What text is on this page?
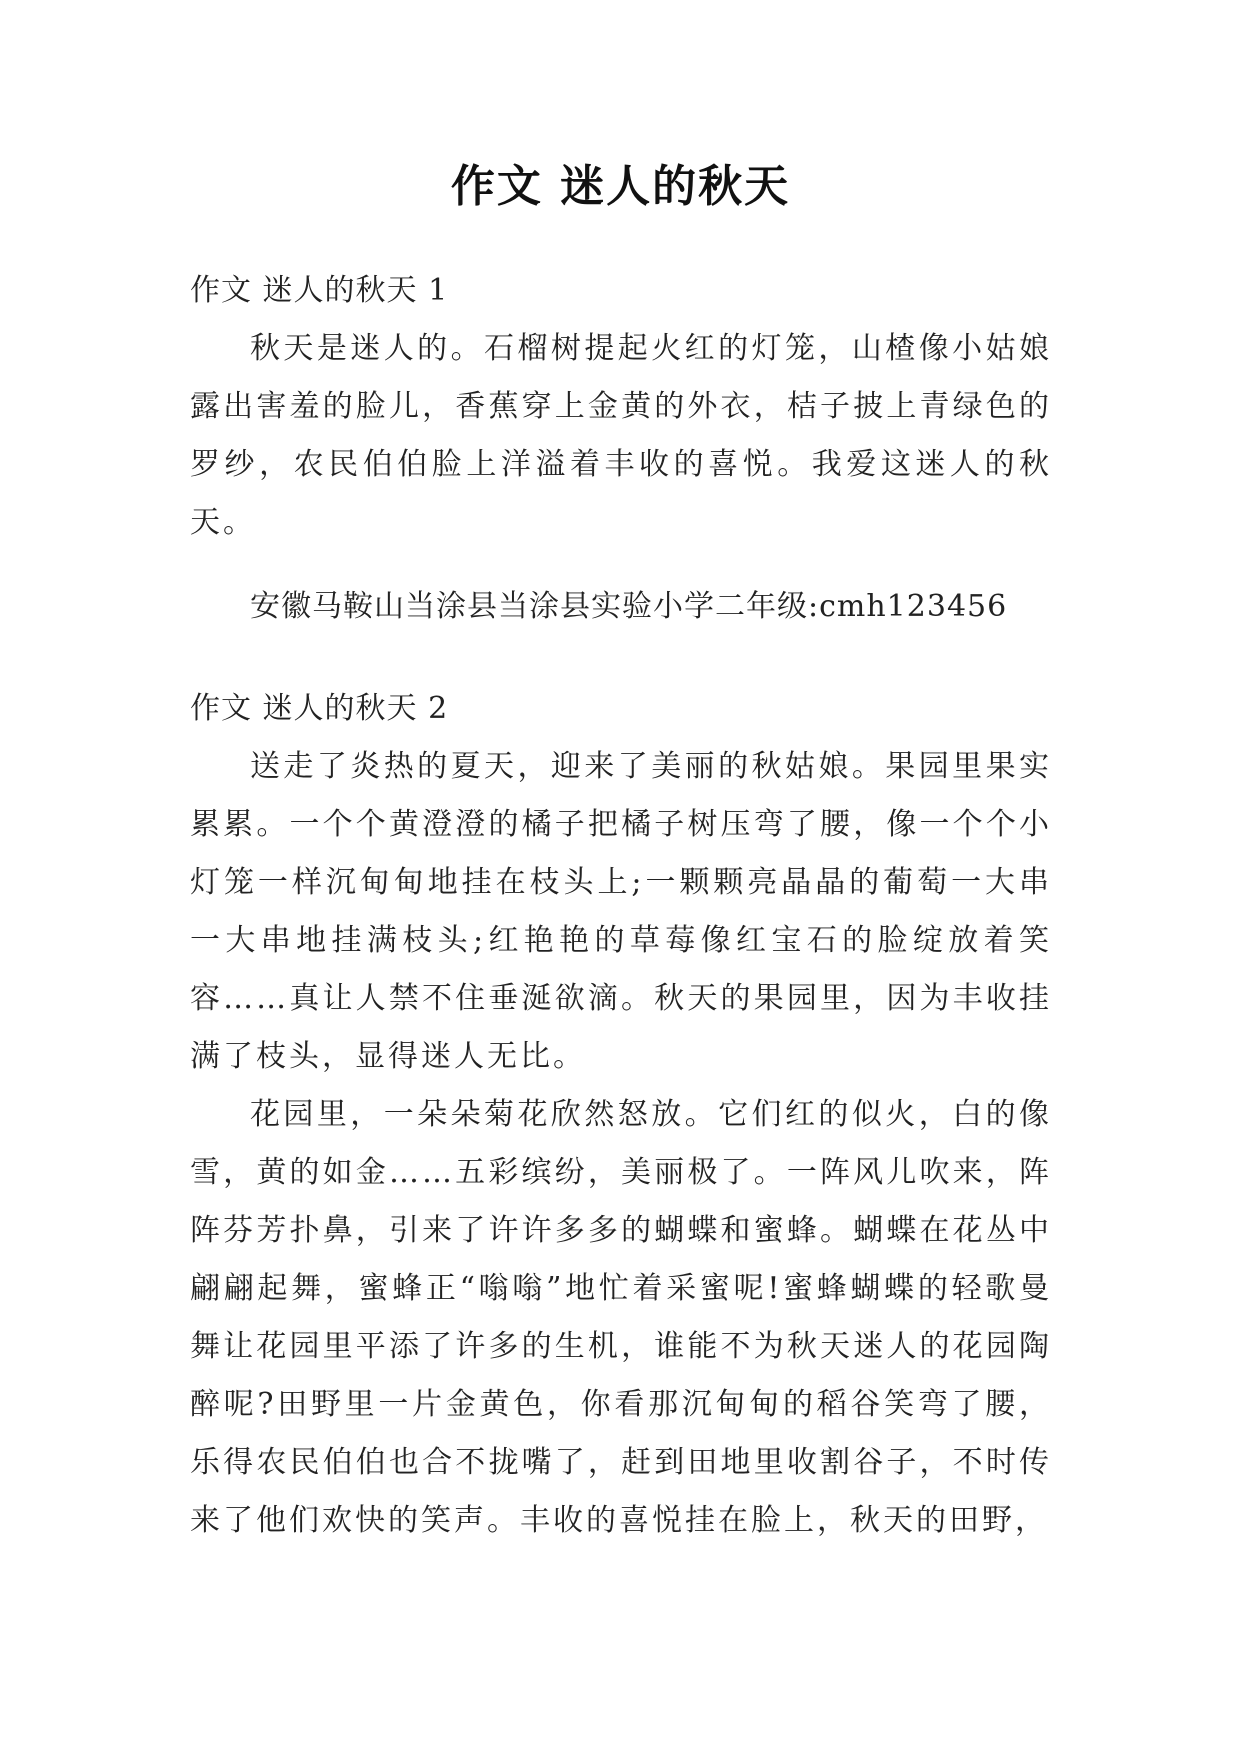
作文 迷人的秋天

作文 迷人的秋天 1

秋天是迷人的。石榴树提起火红的灯笼，山楂像小姑娘露出害羞的脸儿，香蕉穿上金黄的外衣，桔子披上青绿色的罗纱，农民伯伯脸上洋溢着丰收的喜悦。我爱这迷人的秋天。

安徽马鞍山当涂县当涂县实验小学二年级:cmh123456

作文 迷人的秋天 2

送走了炎热的夏天，迎来了美丽的秋姑娘。果园里果实累累。一个个黄澄澄的橘子把橘子树压弯了腰，像一个个小灯笼一样沉甸甸地挂在枝头上;一颗颗亮晶晶的葡萄一大串一大串地挂满枝头;红艳艳的草莓像红宝石的脸绽放着笑容……真让人禁不住垂涎欲滴。秋天的果园里，因为丰收挂满了枝头，显得迷人无比。

花园里，一朵朵菊花欣然怒放。它们红的似火，白的像雪，黄的如金……五彩缤纷，美丽极了。一阵风儿吹来，阵阵芬芳扑鼻，引来了许许多多的蝴蝶和蜜蜂。蝴蝶在花丛中翩翩起舞，蜜蜂正“嗡嗡”地忙着采蜜呢!蜜蜂蝴蝶的轻歌曼舞让花园里平添了许多的生机，谁能不为秋天迷人的花园陶醉呢?田野里一片金黄色，你看那沉甸甸的稻谷笑弯了腰，乐得农民伯伯也合不拢嘴了，赶到田地里收割谷子，不时传来了他们欢快的笑声。丰收的喜悦挂在脸上，秋天的田野，
